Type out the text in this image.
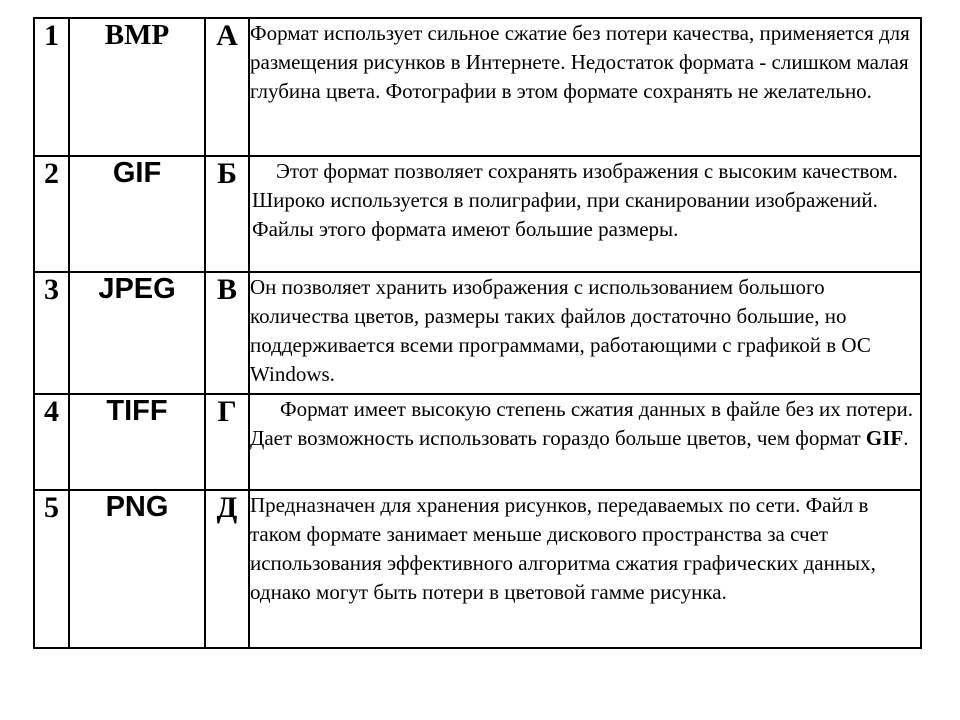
1	BMP	А	Формат использует сильное сжатие без потери качества, применяется для размещения рисунков в Интернете. Недостаток формата - слишком малая глубина цвета. Фотографии в этом формате сохранять не желательно.

2	GIF	Б	Этот формат позволяет сохранять изображения с высоким качеством. Широко используется в полиграфии, при сканировании изображений. Файлы этого формата имеют большие размеры.

3	JPEG	В	Он позволяет хранить изображения с использованием большого количества цветов, размеры таких файлов достаточно большие, но поддерживается всеми программами, работающими с графикой в ОС Windows.

4	TIFF	Г	Формат имеет высокую степень сжатия данных в файле без их потери. Дает возможность использовать гораздо больше цветов, чем формат GIF.

5	PNG	Д	Предназначен для хранения рисунков, передаваемых по сети. Файл в таком формате занимает меньше дискового пространства за счет использования эффективного алгоритма сжатия графических данных, однако могут быть потери в цветовой гамме рисунка.
